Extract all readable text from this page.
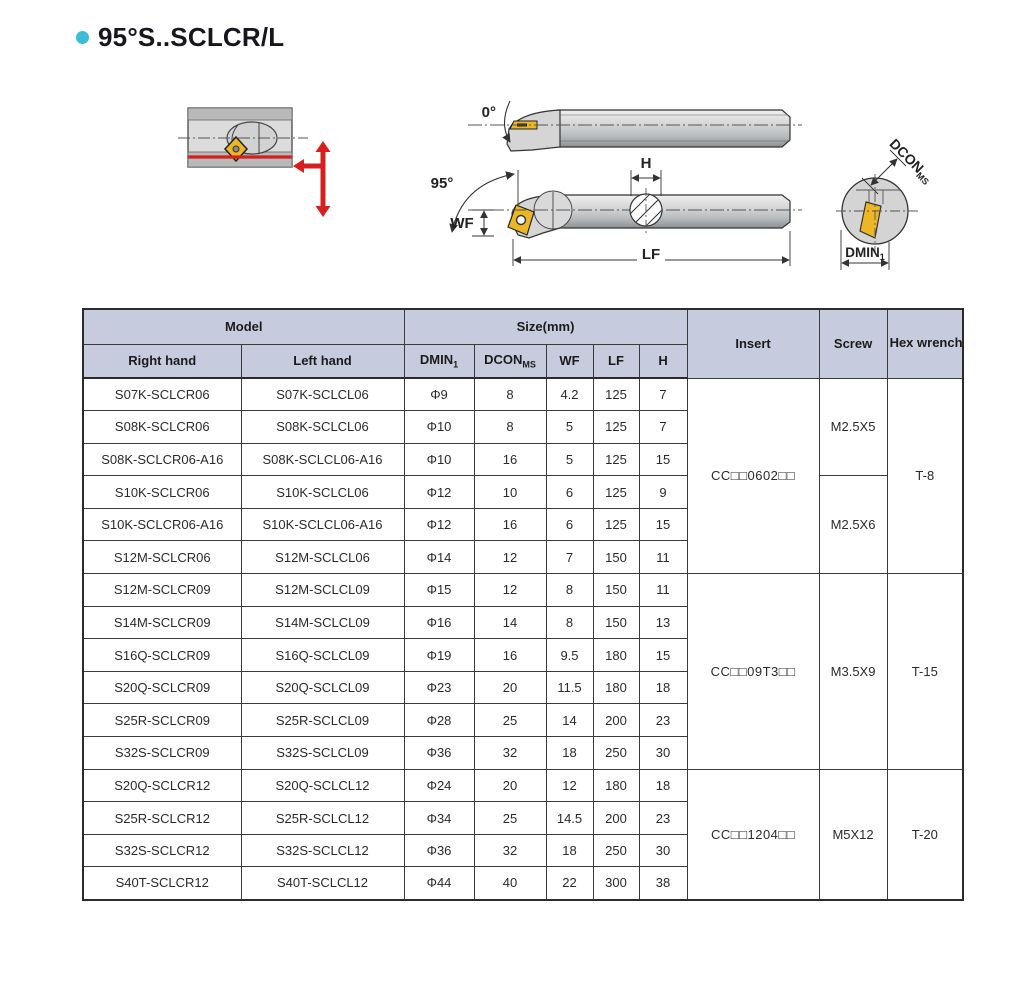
95°S..SCLCR/L
0°
95°
WF
H
LF
$DCON_{MS}$
$DMIN_1$
Model		Size(mm)					Insert	Screw	Hex wrench
Right hand	Left hand	$DMIN_1$	$DCON_{MS}$	WF	LF	H			
S07K-SCLCR06	S07K-SCLCL06	Φ9	8	4.2	125	7	CC□□0602□□	M2.5X5	T-8
S08K-SCLCR06	S08K-SCLCL06	Φ10	8	5	125	7			
S08K-SCLCR06-A16	S08K-SCLCL06-A16	Φ10	16	5	125	15			
S10K-SCLCR06	S10K-SCLCL06	Φ12	10	6	125	9		M2.5X6	
S10K-SCLCR06-A16	S10K-SCLCL06-A16	Φ12	16	6	125	15			
S12M-SCLCR06	S12M-SCLCL06	Φ14	12	7	150	11			
S12M-SCLCR09	S12M-SCLCL09	Φ15	12	8	150	11	CC□□09T3□□	M3.5X9	T-15
S14M-SCLCR09	S14M-SCLCL09	Φ16	14	8	150	13			
S16Q-SCLCR09	S16Q-SCLCL09	Φ19	16	9.5	180	15			
S20Q-SCLCR09	S20Q-SCLCL09	Φ23	20	11.5	180	18			
S25R-SCLCR09	S25R-SCLCL09	Φ28	25	14	200	23			
S32S-SCLCR09	S32S-SCLCL09	Φ36	32	18	250	30			
S20Q-SCLCR12	S20Q-SCLCL12	Φ24	20	12	180	18	CC□□1204□□	M5X12	T-20
S25R-SCLCR12	S25R-SCLCL12	Φ34	25	14.5	200	23			
S32S-SCLCR12	S32S-SCLCL12	Φ36	32	18	250	30			
S40T-SCLCR12	S40T-SCLCL12	Φ44	40	22	300	38			
